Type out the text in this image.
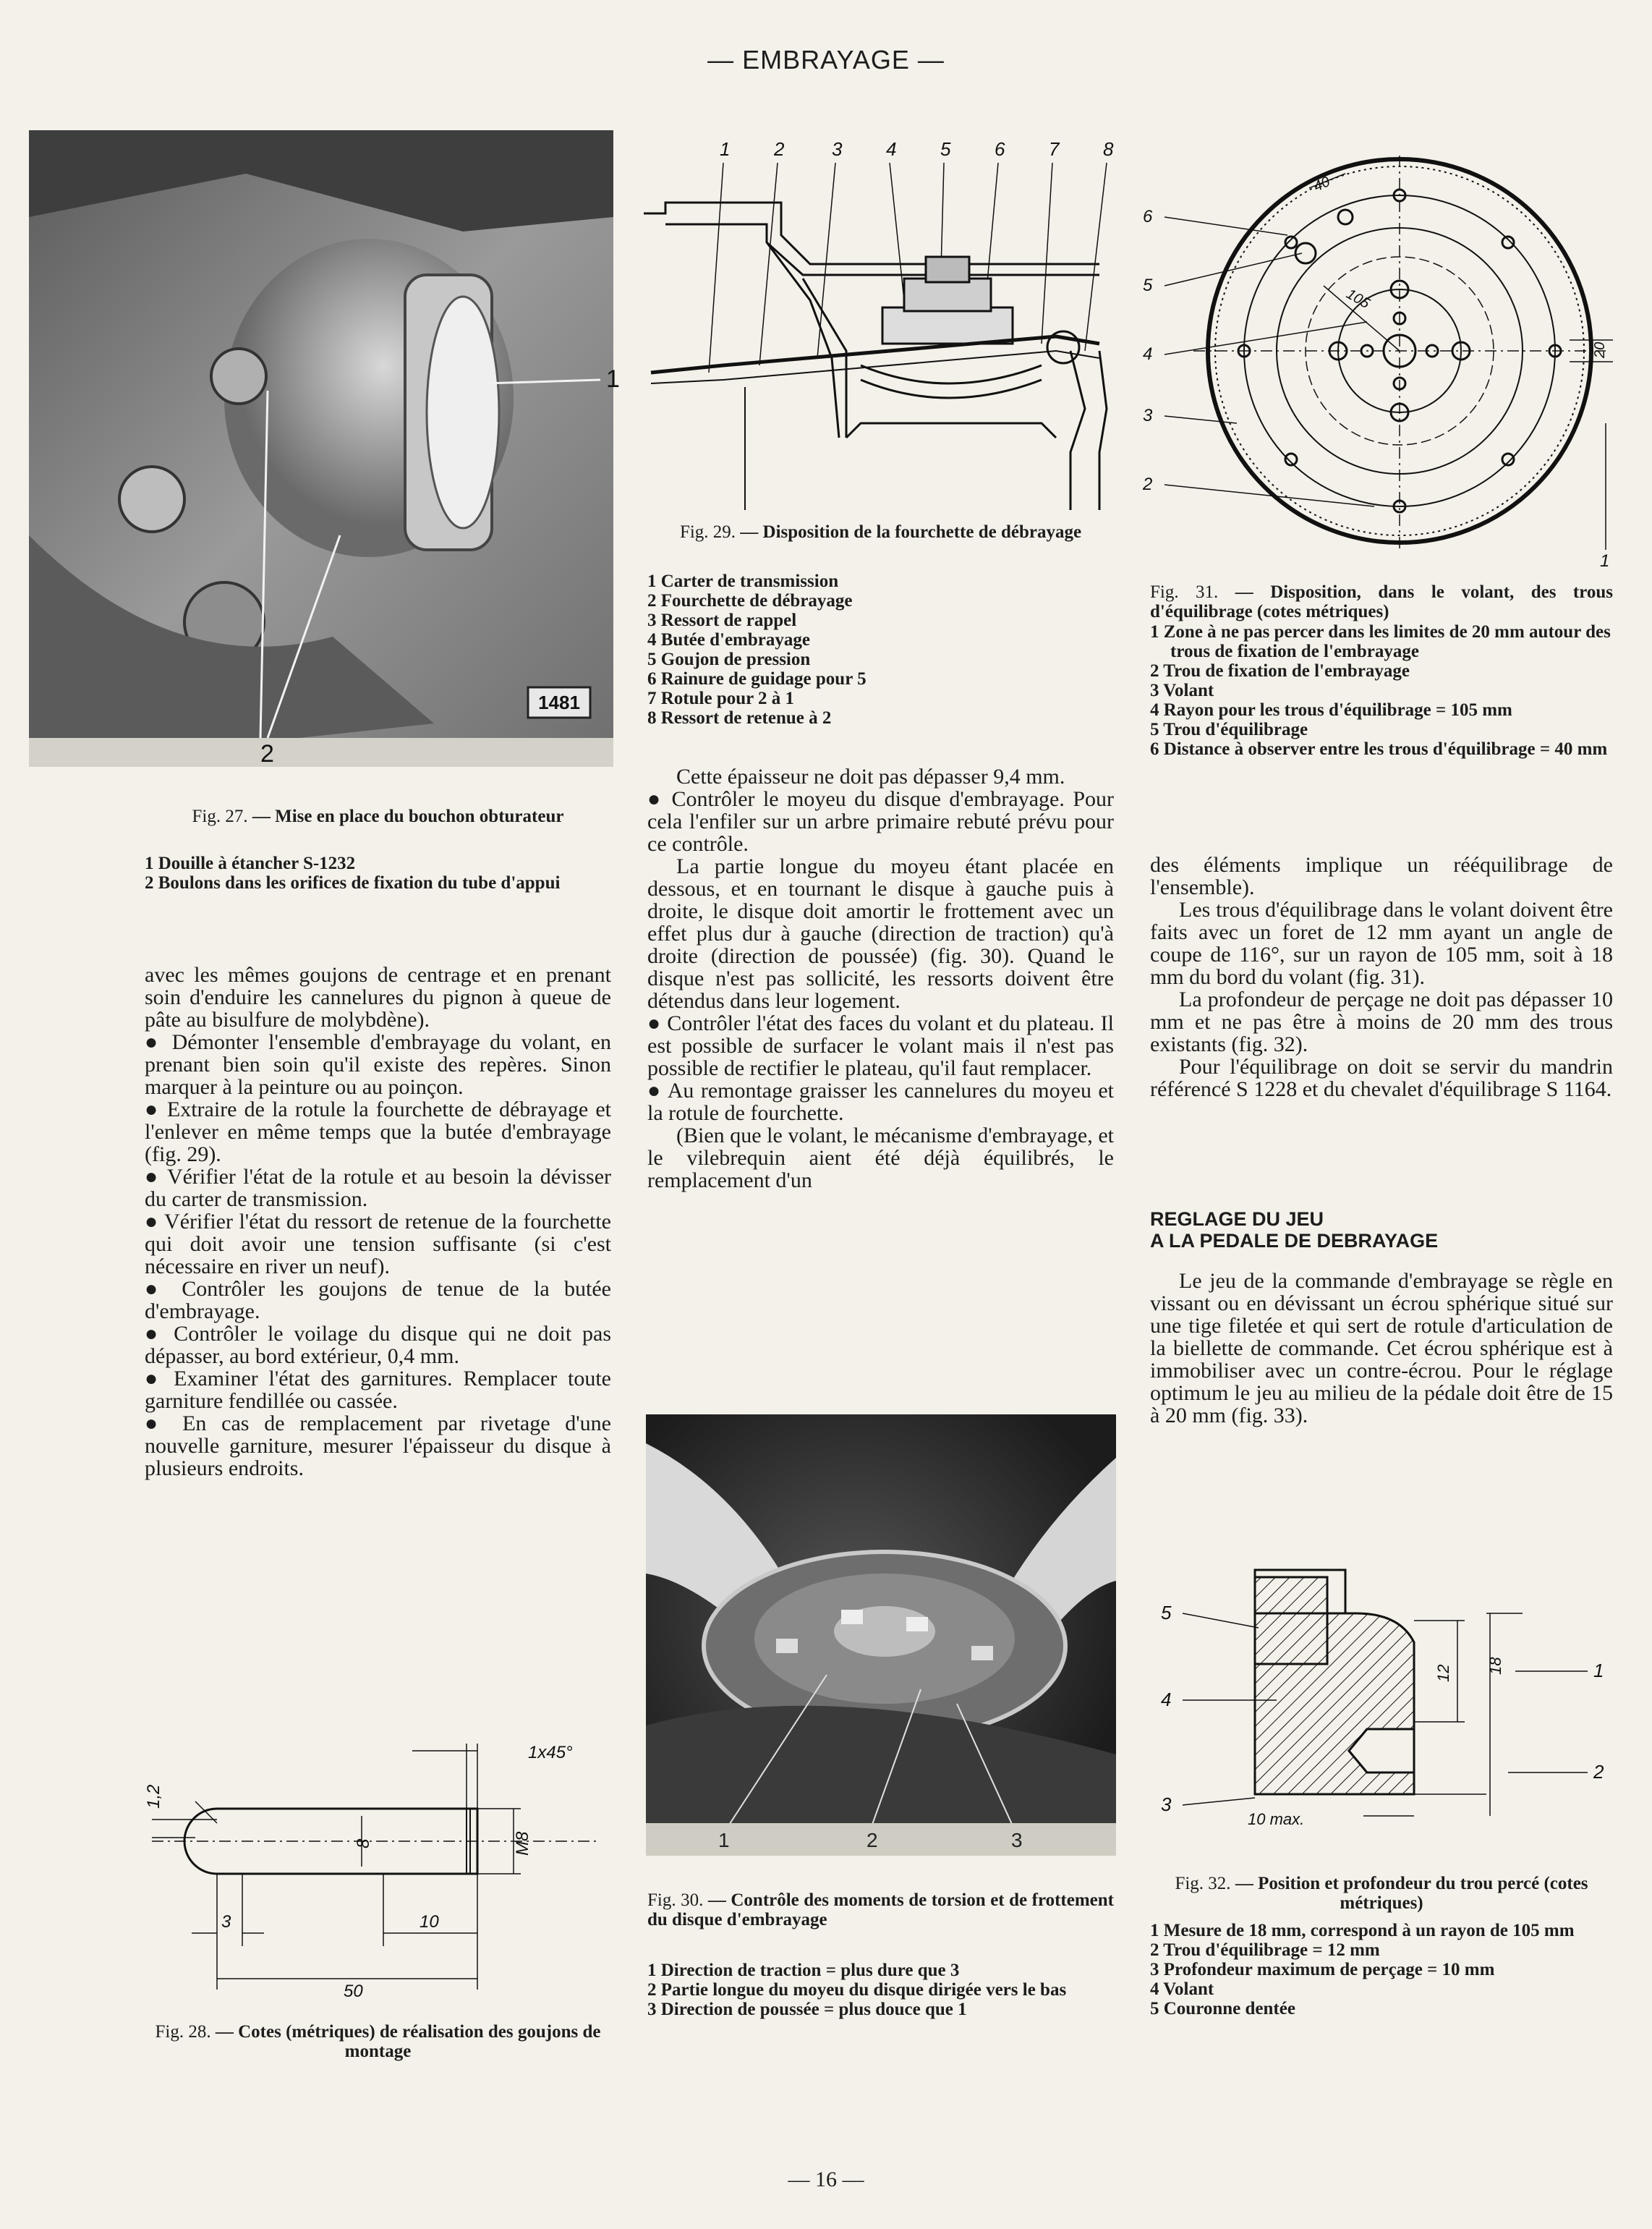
— EMBRAYAGE —
1481
1
2
Fig. 27. — Mise en place du bouchon obturateur
1 Douille à étancher S-1232
2 Boulons dans les orifices de fixation du tube d'appui

avec les mêmes goujons de centrage et en prenant soin d'enduire les cannelures du pignon à queue de pâte au bisulfure de molybdène).

● Démonter l'ensemble d'embrayage du volant, en prenant bien soin qu'il existe des repères. Sinon marquer à la peinture ou au poinçon.

● Extraire de la rotule la fourchette de débrayage et l'enlever en même temps que la butée d'embrayage (fig. 29).

● Vérifier l'état de la rotule et au besoin la dévisser du carter de transmission.

● Vérifier l'état du ressort de retenue de la fourchette qui doit avoir une tension suffisante (si c'est nécessaire en river un neuf).

● Contrôler les goujons de tenue de la butée d'embrayage.

● Contrôler le voilage du disque qui ne doit pas dépasser, au bord extérieur, 0,4 mm.

● Examiner l'état des garnitures. Remplacer toute garniture fendillée ou cassée.

● En cas de remplacement par rivetage d'une nouvelle garniture, mesurer l'épaisseur du disque à plusieurs endroits.

1x45°
1,2
8	M8
3	10
50
Fig. 28. — Cotes (métriques) de réalisation des goujons de montage
1 2	3 4 5 6 7 8
Fig. 29. — Disposition de la fourchette de débrayage
1 Carter de transmission
2 Fourchette de débrayage
3 Ressort de rappel
4 Butée d'embrayage
5 Goujon de pression
6 Rainure de guidage pour 5
7 Rotule pour 2 à 1
8 Ressort de retenue à 2

Cette épaisseur ne doit pas dépasser 9,4 mm.

● Contrôler le moyeu du disque d'embrayage. Pour cela l'enfiler sur un arbre primaire rebuté prévu pour ce contrôle.

La partie longue du moyeu étant placée en dessous, et en tournant le disque à gauche puis à droite, le disque doit amortir le frottement avec un effet plus dur à gauche (direction de traction) qu'à droite (direction de poussée) (fig. 30). Quand le disque n'est pas sollicité, les ressorts doivent être détendus dans leur logement.

● Contrôler l'état des faces du volant et du plateau. Il est possible de surfacer le volant mais il n'est pas possible de rectifier le plateau, qu'il faut remplacer.

● Au remontage graisser les cannelures du moyeu et la rotule de fourchette.

(Bien que le volant, le mécanisme d'embrayage, et le vilebrequin aient été déjà équilibrés, le remplacement d'un

1	2	3
Fig. 30. — Contrôle des moments de torsion et de frottement du disque d'embrayage
1 Direction de traction = plus dure que 3
2 Partie longue du moyeu du disque dirigée vers le bas
3 Direction de poussée = plus douce que 1
6
5
4
3
2
1
40
105
20
Fig. 31. — Disposition, dans le volant, des trous d'équilibrage (cotes métriques)
1 Zone à ne pas percer dans les limites de 20 mm autour des trous de fixation de l'embrayage
2 Trou de fixation de l'embrayage
3 Volant
4 Rayon pour les trous d'équilibrage = 105 mm
5 Trou d'équilibrage
6 Distance à observer entre les trous d'équilibrage = 40 mm

des éléments implique un rééquilibrage de l'ensemble).

Les trous d'équilibrage dans le volant doivent être faits avec un foret de 12 mm ayant un angle de coupe de 116°, sur un rayon de 105 mm, soit à 18 mm du bord du volant (fig. 31).

La profondeur de perçage ne doit pas dépasser 10 mm et ne pas être à moins de 20 mm des trous existants (fig. 32).

Pour l'équilibrage on doit se servir du mandrin référencé S 1228 et du chevalet d'équilibrage S 1164.

REGLAGE DU JEU
A LA PEDALE DE DEBRAYAGE

Le jeu de la commande d'embrayage se règle en vissant ou en dévissant un écrou sphérique situé sur une tige filetée et qui sert de rotule d'articulation de la biellette de commande. Cet écrou sphérique est à immobiliser avec un contre-écrou. Pour le réglage optimum le jeu au milieu de la pédale doit être de 15 à 20 mm (fig. 33).

5
4
3
1
2
12 18
10 max.
Fig. 32. — Position et profondeur du trou percé (cotes métriques)
1 Mesure de 18 mm, correspond à un rayon de 105 mm
2 Trou d'équilibrage = 12 mm
3 Profondeur maximum de perçage = 10 mm
4 Volant
5 Couronne dentée
— 16 —
